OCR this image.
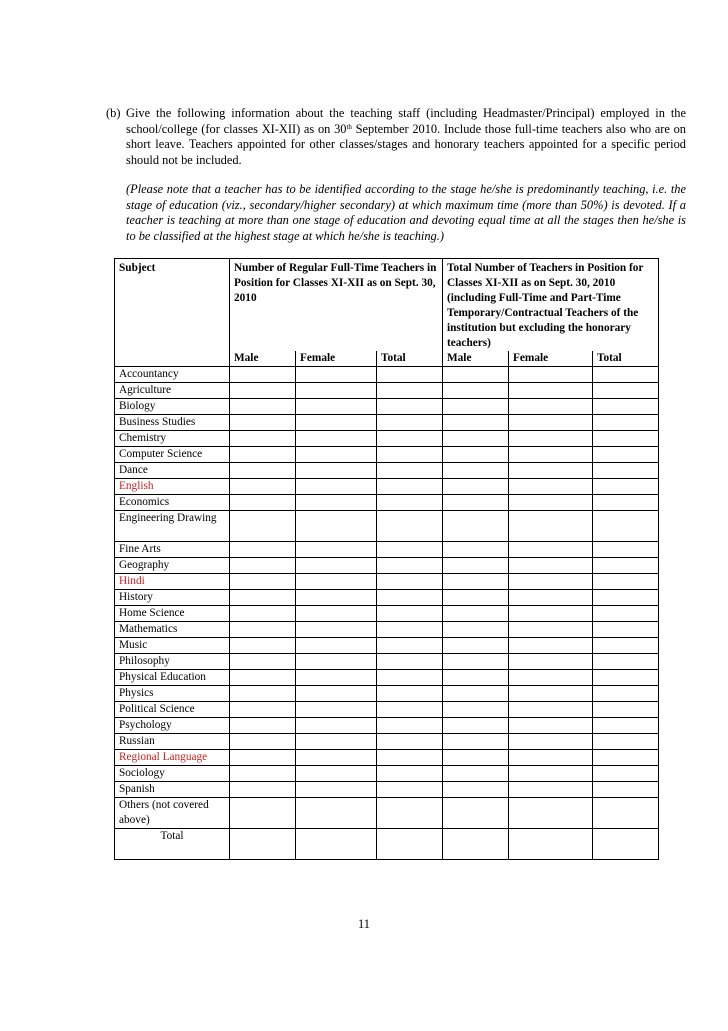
(b) Give the following information about the teaching staff (including Headmaster/Principal) employed in the school/college (for classes XI-XII) as on 30th September 2010. Include those full-time teachers also who are on short leave. Teachers appointed for other classes/stages and honorary teachers appointed for a specific period should not be included.

(Please note that a teacher has to be identified according to the stage he/she is predominantly teaching, i.e. the stage of education (viz., secondary/higher secondary) at which maximum time (more than 50%) is devoted. If a teacher is teaching at more than one stage of education and devoting equal time at all the stages then he/she is to be classified at the highest stage at which he/she is teaching.)
Subject	Number of Regular Full-Time Teachers in Position for Classes XI-XII as on Sept. 30, 2010			Total Number of Teachers in Position for Classes XI-XII as on Sept. 30, 2010 (including Full-Time and Part-Time Temporary/Contractual Teachers of the institution but excluding the honorary teachers)		
	Male	Female	Total	Male	Female	Total
Accountancy						
Agriculture						
Biology						
Business Studies						
Chemistry						
Computer Science						
Dance						
English						
Economics						
Engineering Drawing						
Fine Arts						
Geography						
Hindi						
History						
Home Science						
Mathematics						
Music						
Philosophy						
Physical Education						
Physics						
Political Science						
Psychology						
Russian						
Regional Language						
Sociology						
Spanish						
Others (not covered above)						
Total						
11
